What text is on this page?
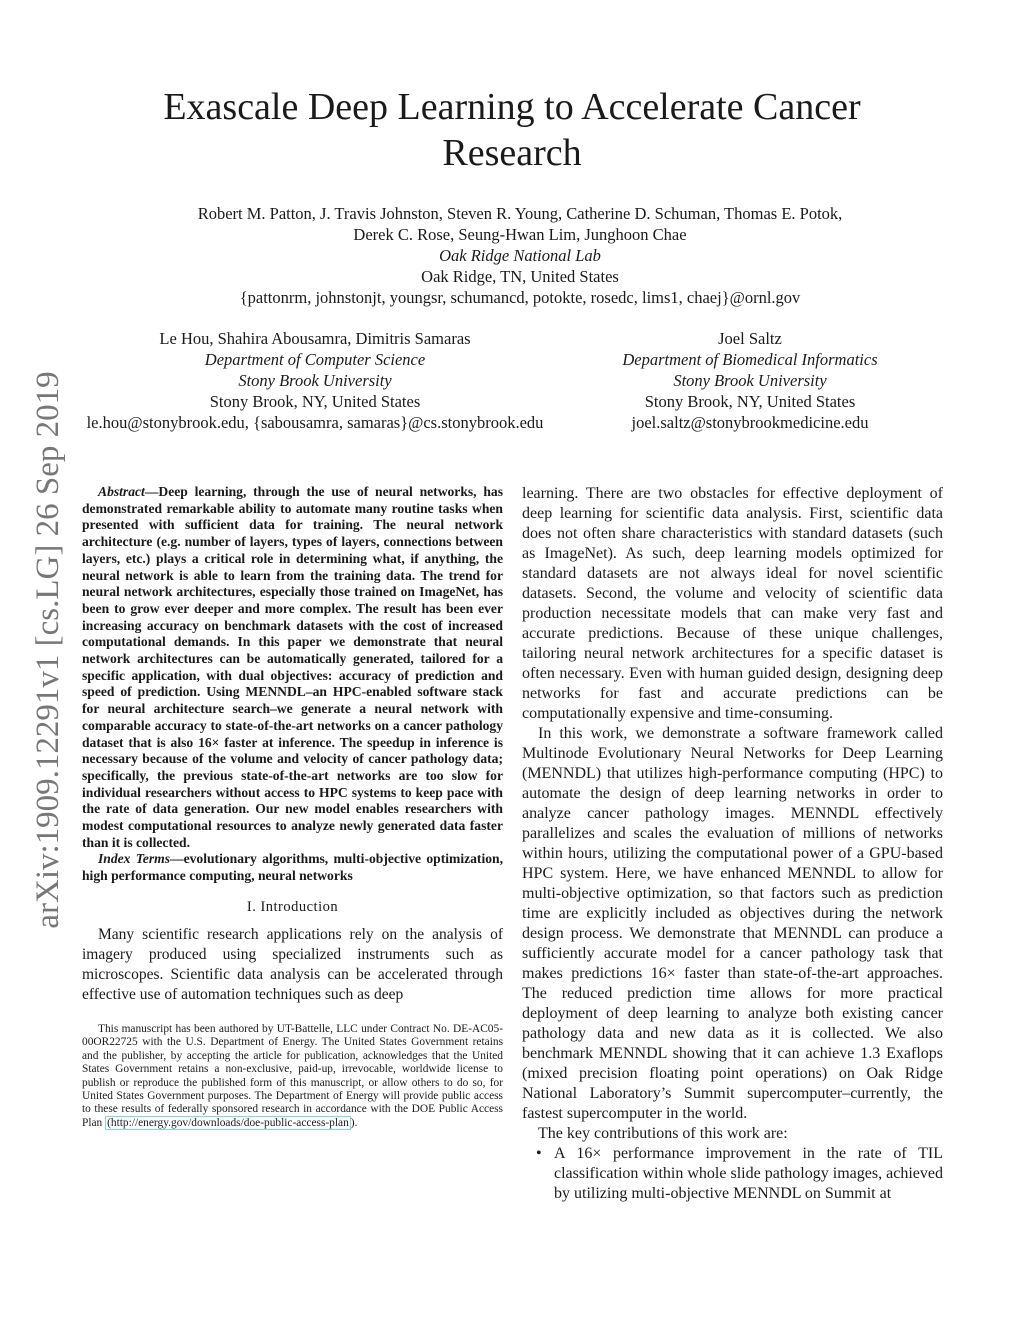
arXiv:1909.12291v1 [cs.LG] 26 Sep 2019
Exascale Deep Learning to Accelerate Cancer Research
Robert M. Patton, J. Travis Johnston, Steven R. Young, Catherine D. Schuman, Thomas E. Potok,
Derek C. Rose, Seung-Hwan Lim, Junghoon Chae
Oak Ridge National Lab
Oak Ridge, TN, United States
{pattonrm, johnstonjt, youngsr, schumancd, potokte, rosedc, lims1, chaej}@ornl.gov
Le Hou, Shahira Abousamra, Dimitris Samaras
Department of Computer Science
Stony Brook University
Stony Brook, NY, United States
le.hou@stonybrook.edu, {sabousamra, samaras}@cs.stonybrook.edu
Joel Saltz
Department of Biomedical Informatics
Stony Brook University
Stony Brook, NY, United States
joel.saltz@stonybrookmedicine.edu

Abstract—Deep learning, through the use of neural networks, has demonstrated remarkable ability to automate many routine tasks when presented with sufficient data for training. The neural network architecture (e.g. number of layers, types of layers, connections between layers, etc.) plays a critical role in determining what, if anything, the neural network is able to learn from the training data. The trend for neural network architectures, especially those trained on ImageNet, has been to grow ever deeper and more complex. The result has been ever increasing accuracy on benchmark datasets with the cost of increased computational demands. In this paper we demonstrate that neural network architectures can be automatically generated, tailored for a specific application, with dual objectives: accuracy of prediction and speed of prediction. Using MENNDL–an HPC-enabled software stack for neural architecture search–we generate a neural network with comparable accuracy to state-of-the-art networks on a cancer pathology dataset that is also 16× faster at inference. The speedup in inference is necessary because of the volume and velocity of cancer pathology data; specifically, the previous state-of-the-art networks are too slow for individual researchers without access to HPC systems to keep pace with the rate of data generation. Our new model enables researchers with modest computational resources to analyze newly generated data faster than it is collected.

Index Terms—evolutionary algorithms, multi-objective optimization, high performance computing, neural networks

I. Introduction

Many scientific research applications rely on the analysis of imagery produced using specialized instruments such as microscopes. Scientific data analysis can be accelerated through effective use of automation techniques such as deep

This manuscript has been authored by UT-Battelle, LLC under Contract No. DE-AC05-00OR22725 with the U.S. Department of Energy. The United States Government retains and the publisher, by accepting the article for publication, acknowledges that the United States Government retains a non-exclusive, paid-up, irrevocable, worldwide license to publish or reproduce the published form of this manuscript, or allow others to do so, for United States Government purposes. The Department of Energy will provide public access to these results of federally sponsored research in accordance with the DOE Public Access Plan (http://energy.gov/downloads/doe-public-access-plan ).

learning. There are two obstacles for effective deployment of deep learning for scientific data analysis. First, scientific data does not often share characteristics with standard datasets (such as ImageNet). As such, deep learning models optimized for standard datasets are not always ideal for novel scientific datasets. Second, the volume and velocity of scientific data production necessitate models that can make very fast and accurate predictions. Because of these unique challenges, tailoring neural network architectures for a specific dataset is often necessary. Even with human guided design, designing deep networks for fast and accurate predictions can be computationally expensive and time-consuming.

In this work, we demonstrate a software framework called Multinode Evolutionary Neural Networks for Deep Learning (MENNDL) that utilizes high-performance computing (HPC) to automate the design of deep learning networks in order to analyze cancer pathology images. MENNDL effectively parallelizes and scales the evaluation of millions of networks within hours, utilizing the computational power of a GPU-based HPC system. Here, we have enhanced MENNDL to allow for multi-objective optimization, so that factors such as prediction time are explicitly included as objectives during the network design process. We demonstrate that MENNDL can produce a sufficiently accurate model for a cancer pathology task that makes predictions 16× faster than state-of-the-art approaches. The reduced prediction time allows for more practical deployment of deep learning to analyze both existing cancer pathology data and new data as it is collected. We also benchmark MENNDL showing that it can achieve 1.3 Exaflops (mixed precision floating point operations) on Oak Ridge National Laboratory’s Summit supercomputer–currently, the fastest supercomputer in the world.

The key contributions of this work are:

• A 16× performance improvement in the rate of TIL classification within whole slide pathology images, achieved by utilizing multi-objective MENNDL on Summit at
